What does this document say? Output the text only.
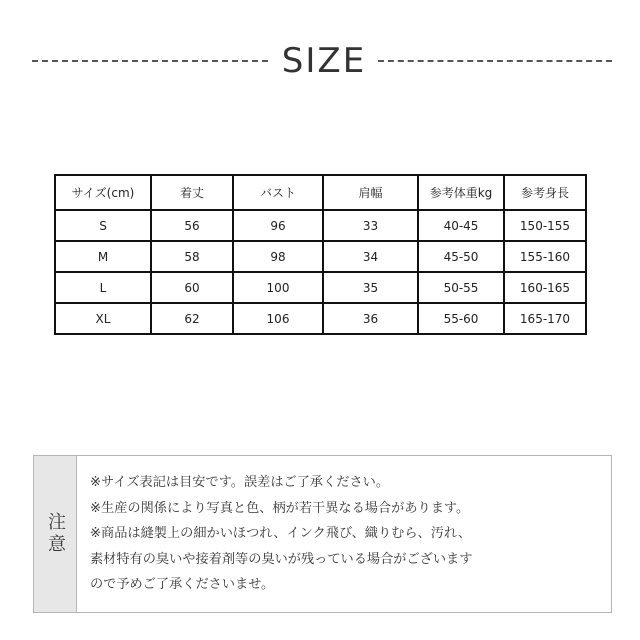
SIZE
サイズ(cm)	着丈	バスト	肩幅	参考体重kg	参考身長
S	56	96	33	40-45	150-155
M	58	98	34	45-50	155-160
L	60	100	35	50-55	160-165
XL	62	106	36	55-60	165-170
注意
※サイズ表記は目安です。誤差はご了承ください。
※生産の関係により写真と色、柄が若干異なる場合があります。
※商品は縫製上の細かいほつれ、インク飛び、織りむら、汚れ、
素材特有の臭いや接着剤等の臭いが残っている場合がございます
ので予めご了承くださいませ。
